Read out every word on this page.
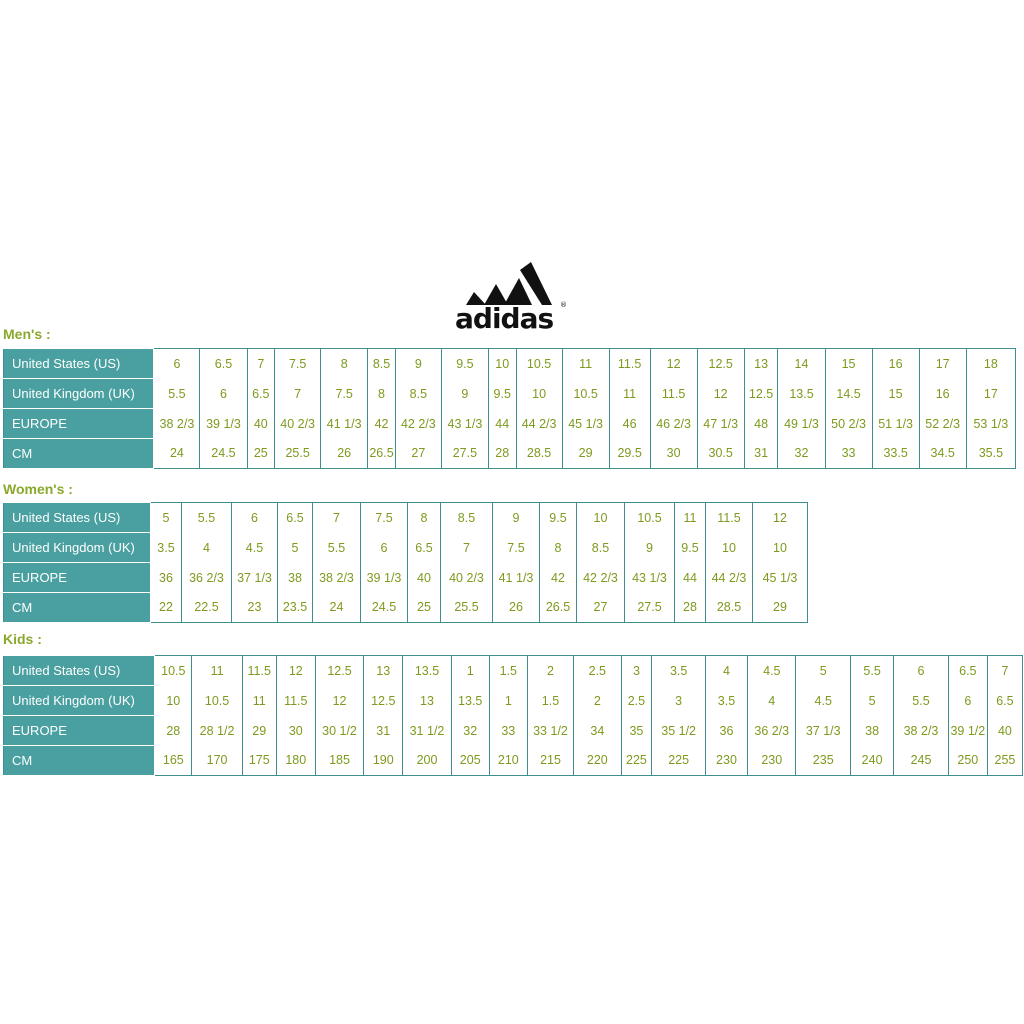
adidas ®
Men's :
United States (US)	6	6.5	7	7.5	8	8.5	9	9.5	10	10.5	11	11.5	12	12.5	13	14	15	16	17	18
United Kingdom (UK)	5.5	6	6.5	7	7.5	8	8.5	9	9.5	10	10.5	11	11.5	12	12.5	13.5	14.5	15	16	17
EUROPE	38 2/3	39 1/3	40	40 2/3	41 1/3	42	42 2/3	43 1/3	44	44 2/3	45 1/3	46	46 2/3	47 1/3	48	49 1/3	50 2/3	51 1/3	52 2/3	53 1/3
CM	24	24.5	25	25.5	26	26.5	27	27.5	28	28.5	29	29.5	30	30.5	31	32	33	33.5	34.5	35.5
Women's :
United States (US)	5	5.5	6	6.5	7	7.5	8	8.5	9	9.5	10	10.5	11	11.5	12
United Kingdom (UK)	3.5	4	4.5	5	5.5	6	6.5	7	7.5	8	8.5	9	9.5	10	10
EUROPE	36	36 2/3	37 1/3	38	38 2/3	39 1/3	40	40 2/3	41 1/3	42	42 2/3	43 1/3	44	44 2/3	45 1/3
CM	22	22.5	23	23.5	24	24.5	25	25.5	26	26.5	27	27.5	28	28.5	29
Kids :
United States (US)	10.5	11	11.5	12	12.5	13	13.5	1	1.5	2	2.5	3	3.5	4	4.5	5	5.5	6	6.5	7
United Kingdom (UK)	10	10.5	11	11.5	12	12.5	13	13.5	1	1.5	2	2.5	3	3.5	4	4.5	5	5.5	6	6.5
EUROPE	28	28 1/2	29	30	30 1/2	31	31 1/2	32	33	33 1/2	34	35	35 1/2	36	36 2/3	37 1/3	38	38 2/3	39 1/2	40
CM	165	170	175	180	185	190	200	205	210	215	220	225	225	230	230	235	240	245	250	255
